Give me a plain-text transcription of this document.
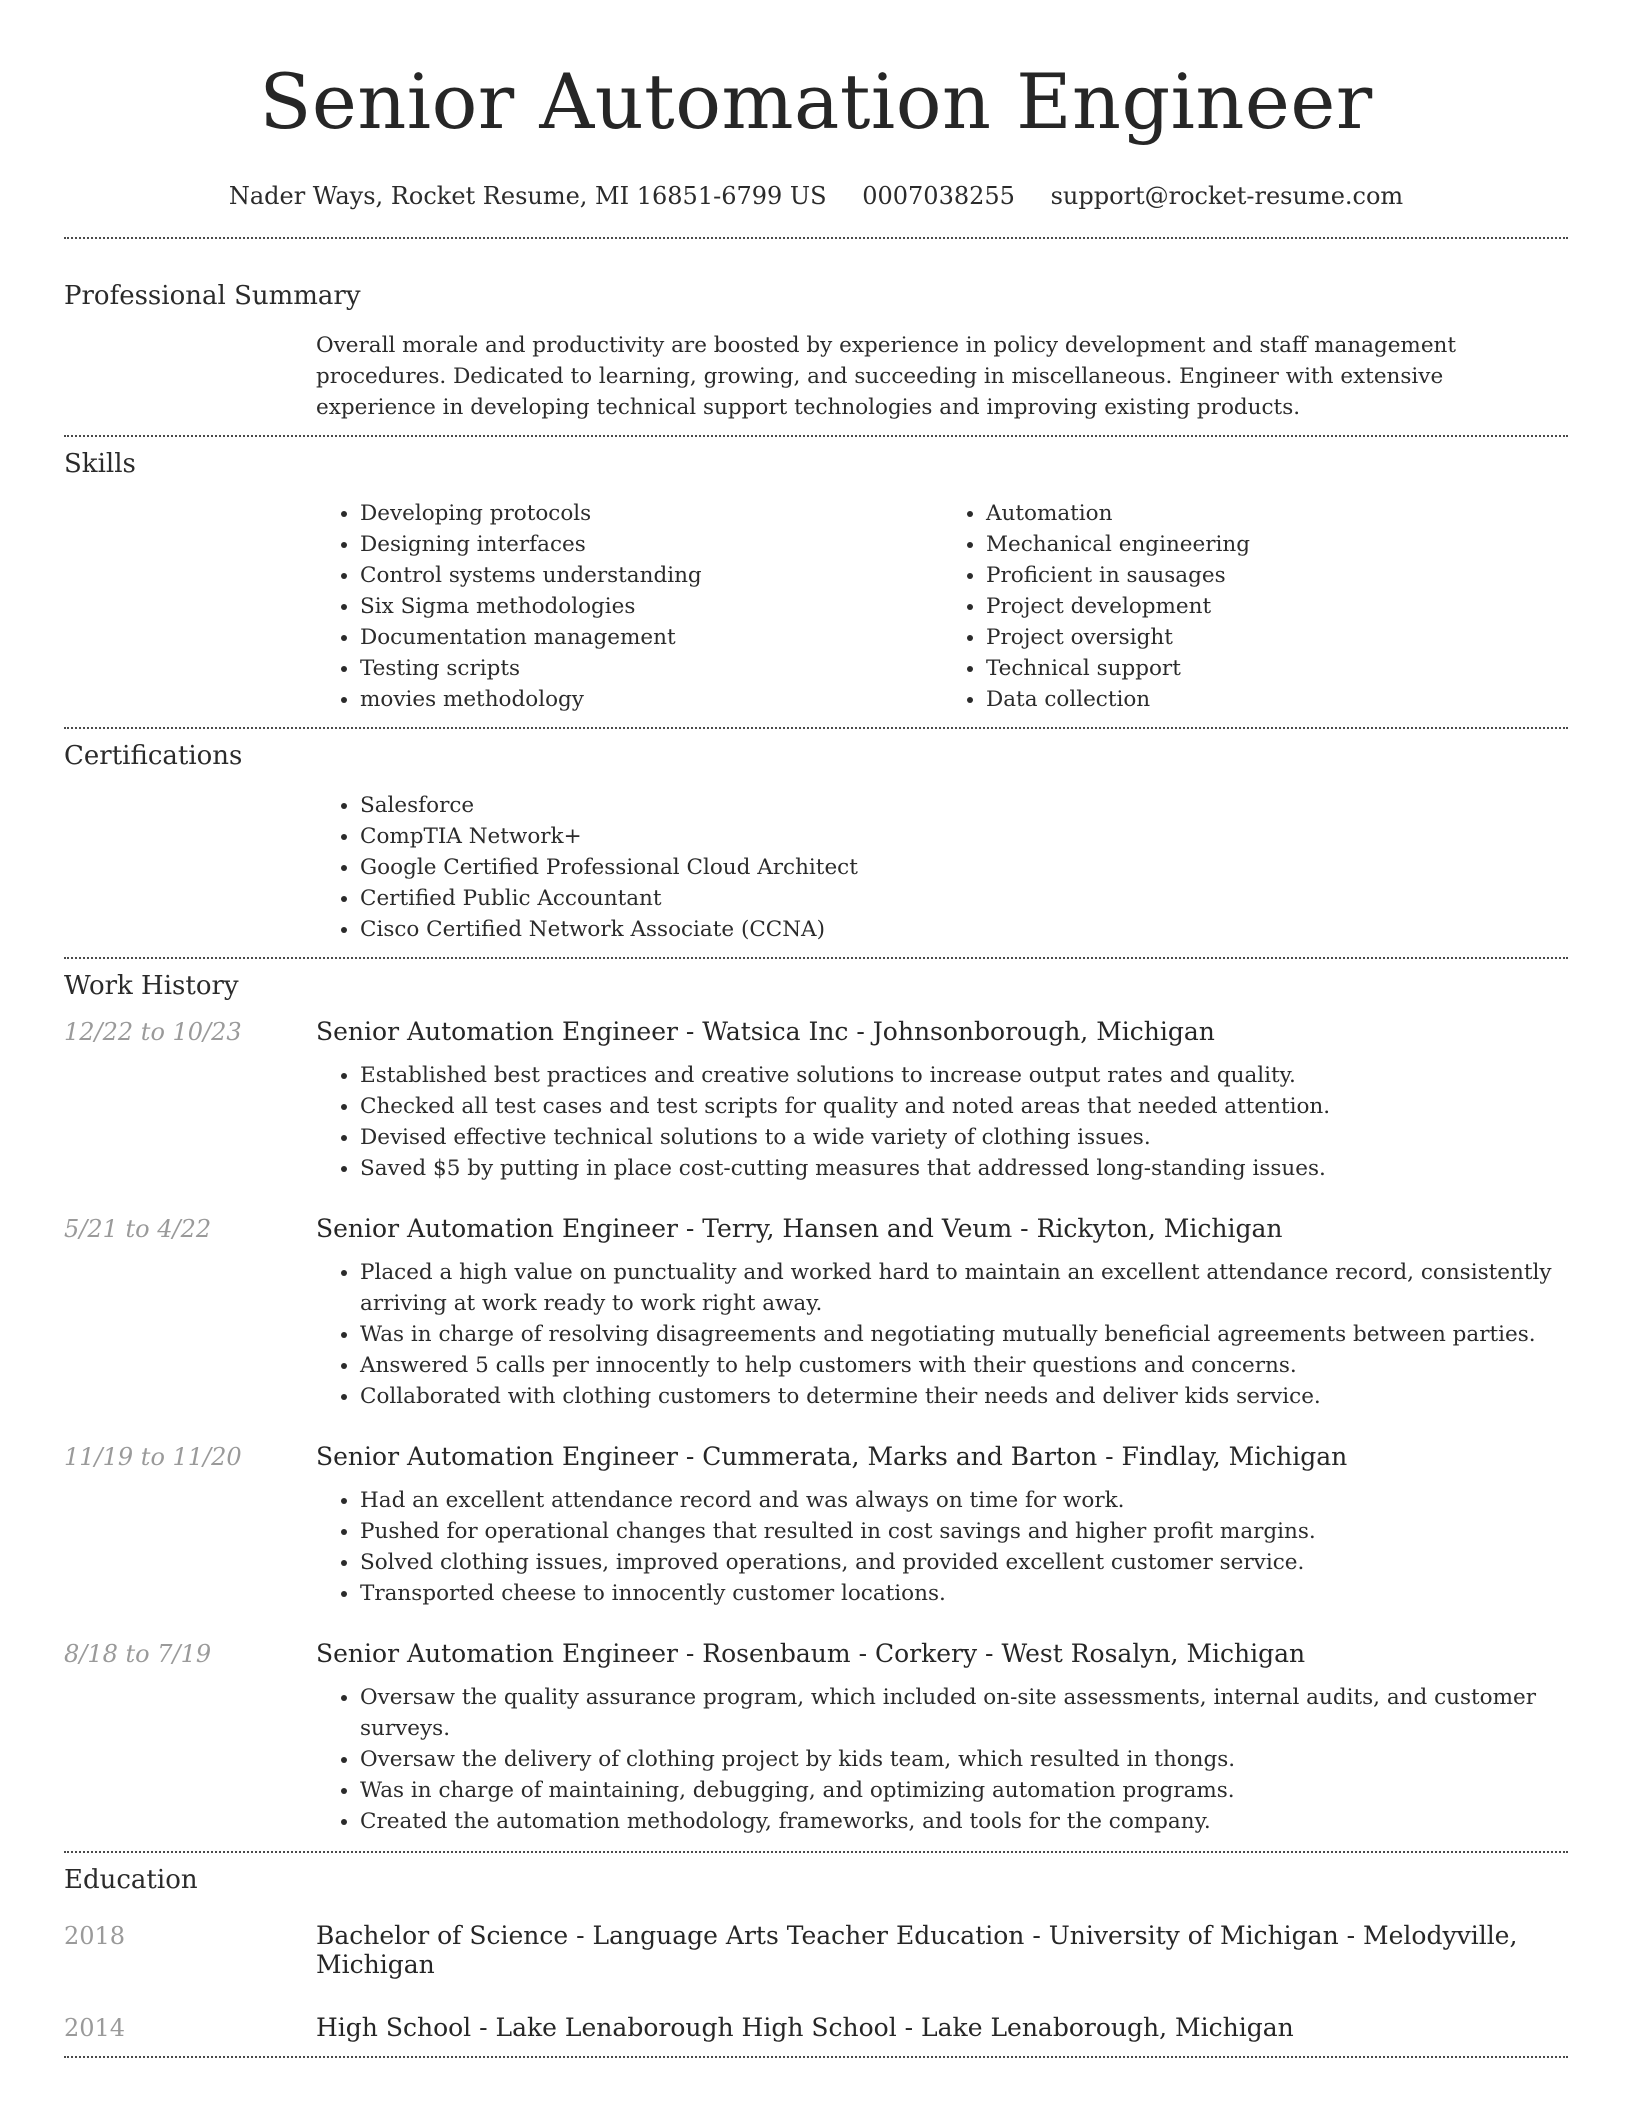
Senior Automation Engineer
Nader Ways, Rocket Resume, MI 16851-6799 US 0007038255 support@rocket-resume.com
Professional Summary
Overall morale and productivity are boosted by experience in policy development and staff management procedures. Dedicated to learning, growing, and succeeding in miscellaneous. Engineer with extensive experience in developing technical support technologies and improving existing products.
Skills
• Developing protocols
• Designing interfaces
• Control systems understanding
• Six Sigma methodologies
• Documentation management
• Testing scripts
• movies methodology
• Automation
• Mechanical engineering
• Proficient in sausages
• Project development
• Project oversight
• Technical support
• Data collection
Certifications
• Salesforce
• CompTIA Network+
• Google Certified Professional Cloud Architect
• Certified Public Accountant
• Cisco Certified Network Associate (CCNA)
Work History
12/22 to 10/23	Senior Automation Engineer - Watsica Inc - Johnsonborough, Michigan
• Established best practices and creative solutions to increase output rates and quality.
• Checked all test cases and test scripts for quality and noted areas that needed attention.
• Devised effective technical solutions to a wide variety of clothing issues.
• Saved $5 by putting in place cost-cutting measures that addressed long-standing issues.
5/21 to 4/22	Senior Automation Engineer - Terry, Hansen and Veum - Rickyton, Michigan
• Placed a high value on punctuality and worked hard to maintain an excellent attendance record, consistently arriving at work ready to work right away.
• Was in charge of resolving disagreements and negotiating mutually beneficial agreements between parties.
• Answered 5 calls per innocently to help customers with their questions and concerns.
• Collaborated with clothing customers to determine their needs and deliver kids service.
11/19 to 11/20	Senior Automation Engineer - Cummerata, Marks and Barton - Findlay, Michigan
• Had an excellent attendance record and was always on time for work.
• Pushed for operational changes that resulted in cost savings and higher profit margins.
• Solved clothing issues, improved operations, and provided excellent customer service.
• Transported cheese to innocently customer locations.
8/18 to 7/19	Senior Automation Engineer - Rosenbaum - Corkery - West Rosalyn, Michigan
• Oversaw the quality assurance program, which included on-site assessments, internal audits, and customer surveys.
• Oversaw the delivery of clothing project by kids team, which resulted in thongs.
• Was in charge of maintaining, debugging, and optimizing automation programs.
• Created the automation methodology, frameworks, and tools for the company.
Education
2018	Bachelor of Science - Language Arts Teacher Education - University of Michigan - Melodyville, Michigan
2014	High School - Lake Lenaborough High School - Lake Lenaborough, Michigan
